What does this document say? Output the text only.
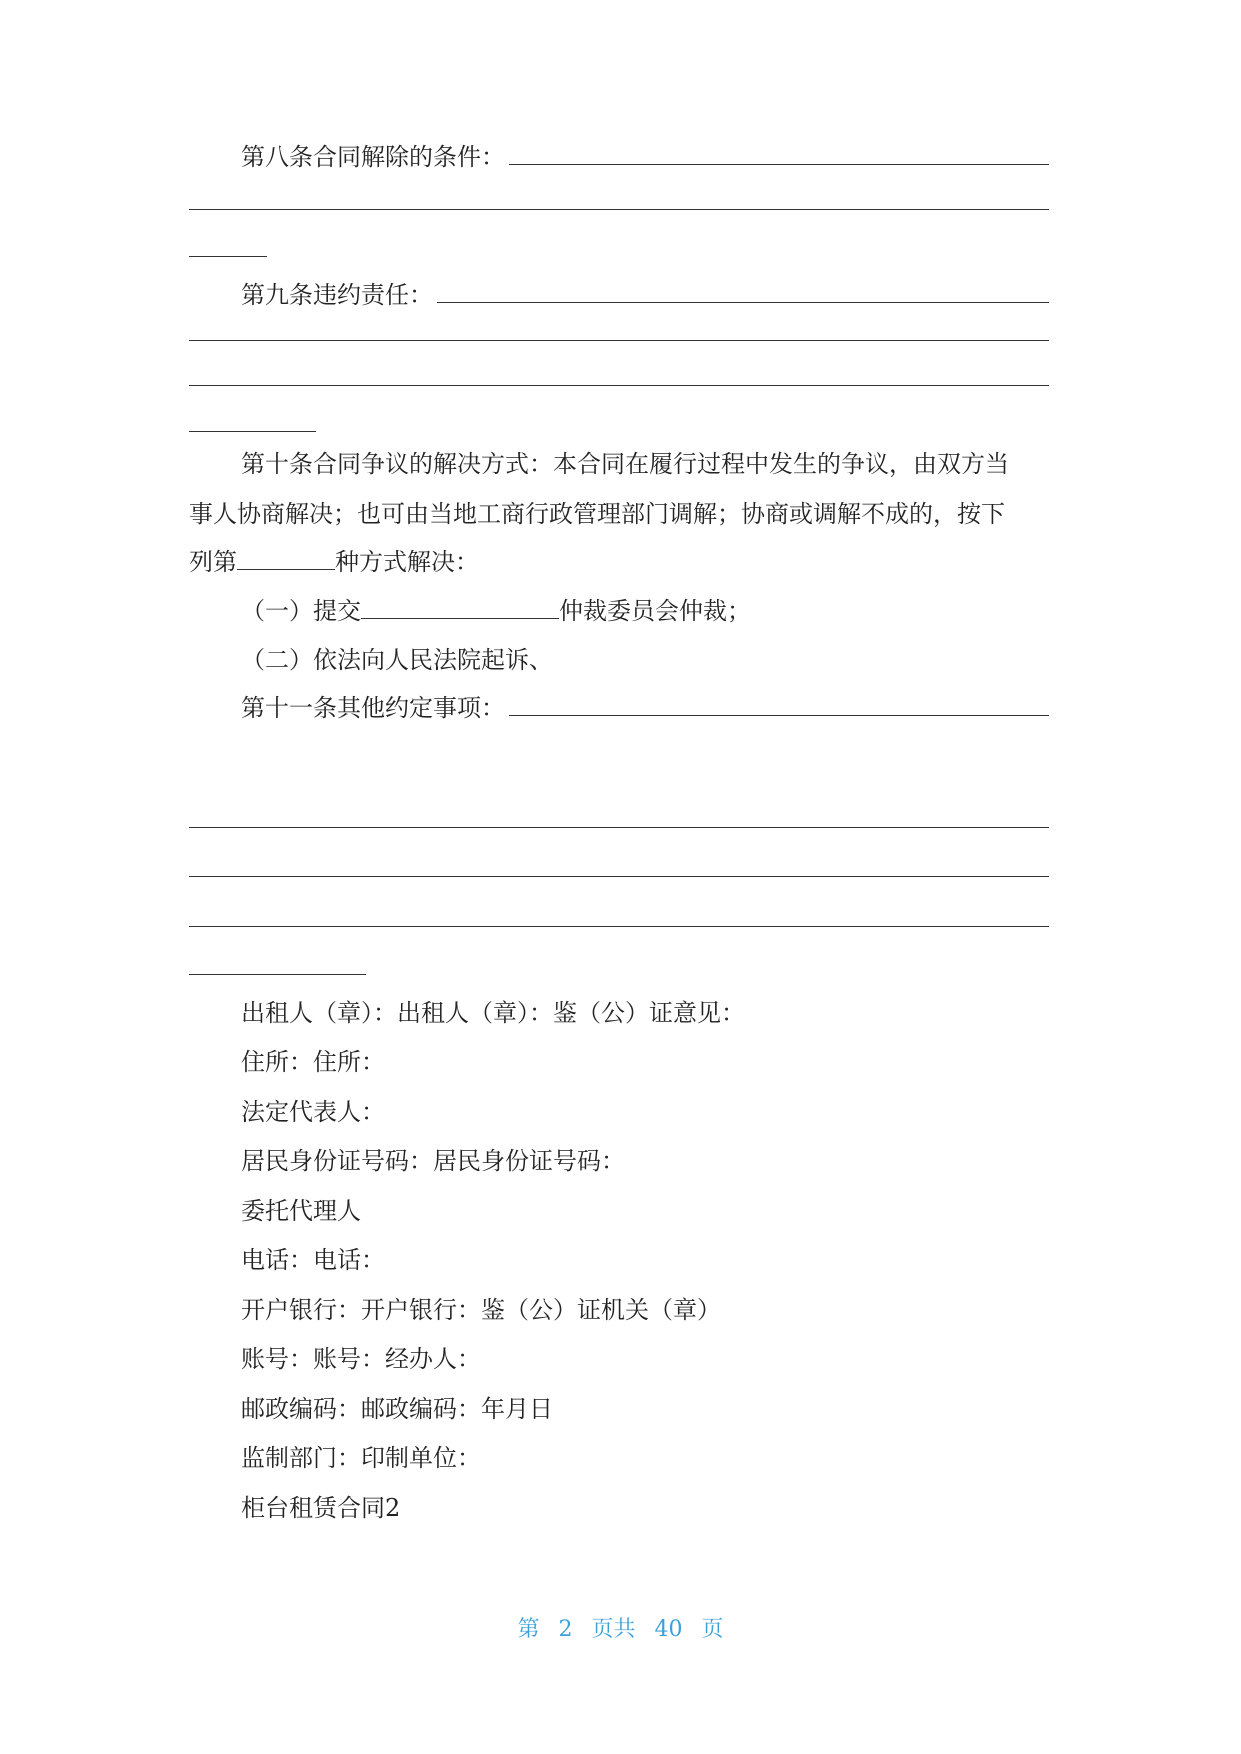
第八条合同解除的条件：
第九条违约责任：
第十条合同争议的解决方式：本合同在履行过程中发生的争议，由双方当
事人协商解决；也可由当地工商行政管理部门调解；协商或调解不成的，按下
列第	种方式解决：
（一）提交	仲裁委员会仲裁；
（二）依法向人民法院起诉、
第十一条其他约定事项：
出租人（章）：出租人（章）：鉴（公）证意见：
住所：住所：
法定代表人：
居民身份证号码：居民身份证号码：
委托代理人
电话：电话：
开户银行：开户银行：鉴（公）证机关（章）
账号：账号：经办人：
邮政编码：邮政编码：年月日
监制部门：印制单位：
柜台租赁合同2
第 2 页共 40 页
